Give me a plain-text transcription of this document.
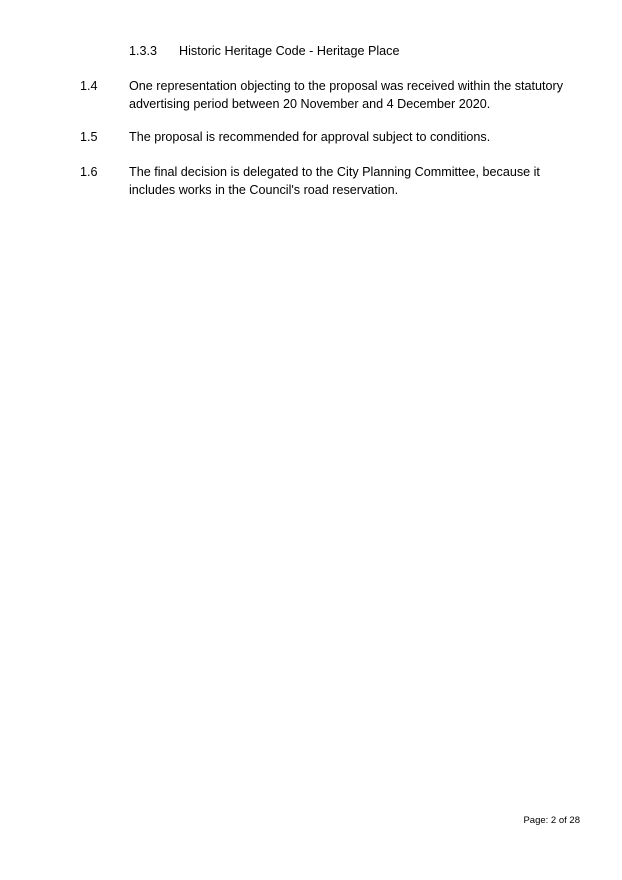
1.3.3 Historic Heritage Code - Heritage Place
1.4	One representation objecting to the proposal was received within the statutory advertising period between 20 November and 4 December 2020.
1.5	The proposal is recommended for approval subject to conditions.
1.6	The final decision is delegated to the City Planning Committee, because it includes works in the Council's road reservation.
Page: 2 of 28
